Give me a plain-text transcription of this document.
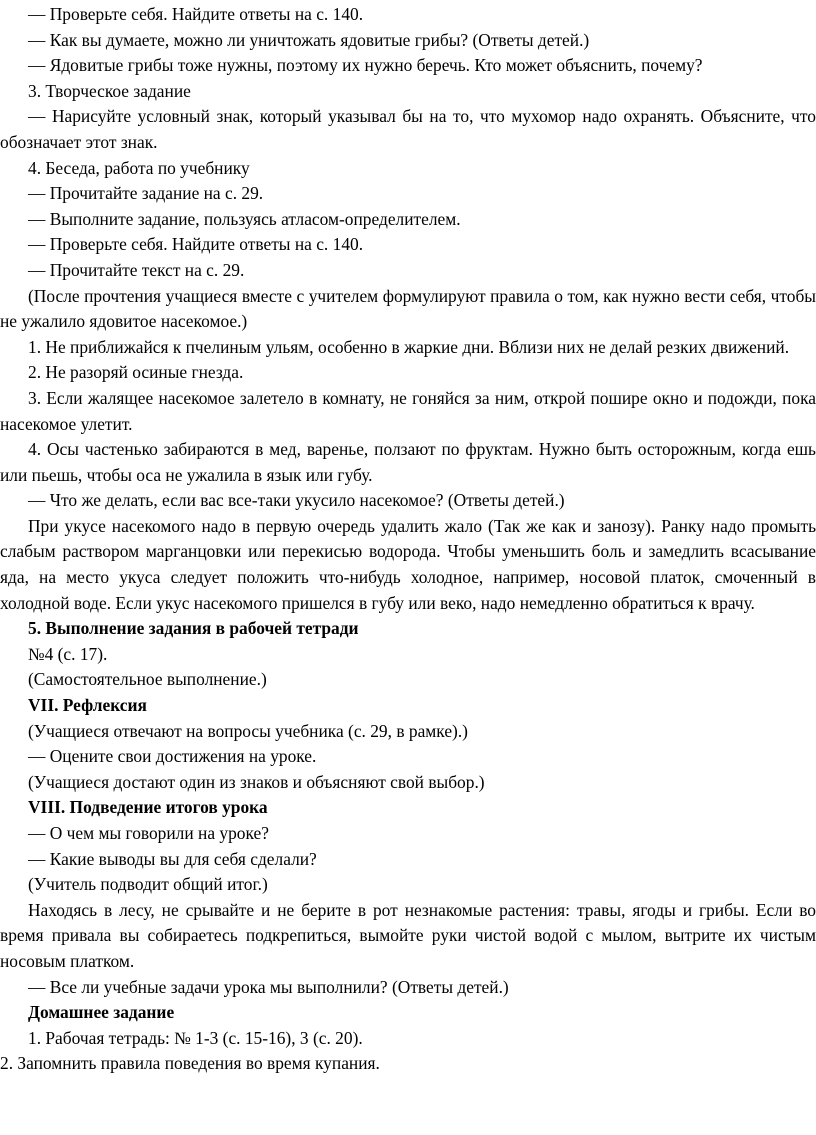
— Проверьте себя. Найдите ответы на с. 140.

— Как вы думаете, можно ли уничтожать ядовитые грибы? (Ответы детей.)

— Ядовитые грибы тоже нужны, поэтому их нужно беречь. Кто может объяснить, почему?

3. Творческое задание

— Нарисуйте условный знак, который указывал бы на то, что мухомор надо охранять. Объясните, что обозначает этот знак.

4. Беседа, работа по учебнику

— Прочитайте задание на с. 29.

— Выполните задание, пользуясь атласом-определителем.

— Проверьте себя. Найдите ответы на с. 140.

— Прочитайте текст на с. 29.

(После прочтения учащиеся вместе с учителем формулируют правила о том, как нужно вести себя, чтобы не ужалило ядовитое насекомое.)

1. Не приближайся к пчелиным ульям, особенно в жаркие дни. Вблизи них не делай резких движений.

2. Не разоряй осиные гнезда.

3. Если жалящее насекомое залетело в комнату, не гоняйся за ним, открой пошире окно и подожди, пока насекомое улетит.

4. Осы частенько забираются в мед, варенье, ползают по фруктам. Нужно быть осторожным, когда ешь или пьешь, чтобы оса не ужалила в язык или губу.

— Что же делать, если вас все-таки укусило насекомое? (Ответы детей.)

При укусе насекомого надо в первую очередь удалить жало (Так же как и занозу). Ранку надо промыть слабым раствором марганцовки или перекисью водорода. Чтобы уменьшить боль и замедлить всасывание яда, на место укуса следует положить что-нибудь холодное, например, носовой платок, смоченный в холодной воде. Если укус насекомого пришелся в губу или веко, надо немедленно обратиться к врачу.

5. Выполнение задания в рабочей тетради

№4 (с. 17).

(Самостоятельное выполнение.)

VII. Рефлексия

(Учащиеся отвечают на вопросы учебника (с. 29, в рамке).)

— Оцените свои достижения на уроке.

(Учащиеся достают один из знаков и объясняют свой выбор.)

VIII. Подведение итогов урока

— О чем мы говорили на уроке?

— Какие выводы вы для себя сделали?

(Учитель подводит общий итог.)

Находясь в лесу, не срывайте и не берите в рот незнакомые растения: травы, ягоды и грибы. Если во время привала вы собираетесь подкрепиться, вымойте руки чистой водой с мылом, вытрите их чистым носовым платком.

— Все ли учебные задачи урока мы выполнили? (Ответы детей.)

Домашнее задание

1. Рабочая тетрадь: № 1-3 (с. 15-16), 3 (с. 20).

2. Запомнить правила поведения во время купания.
